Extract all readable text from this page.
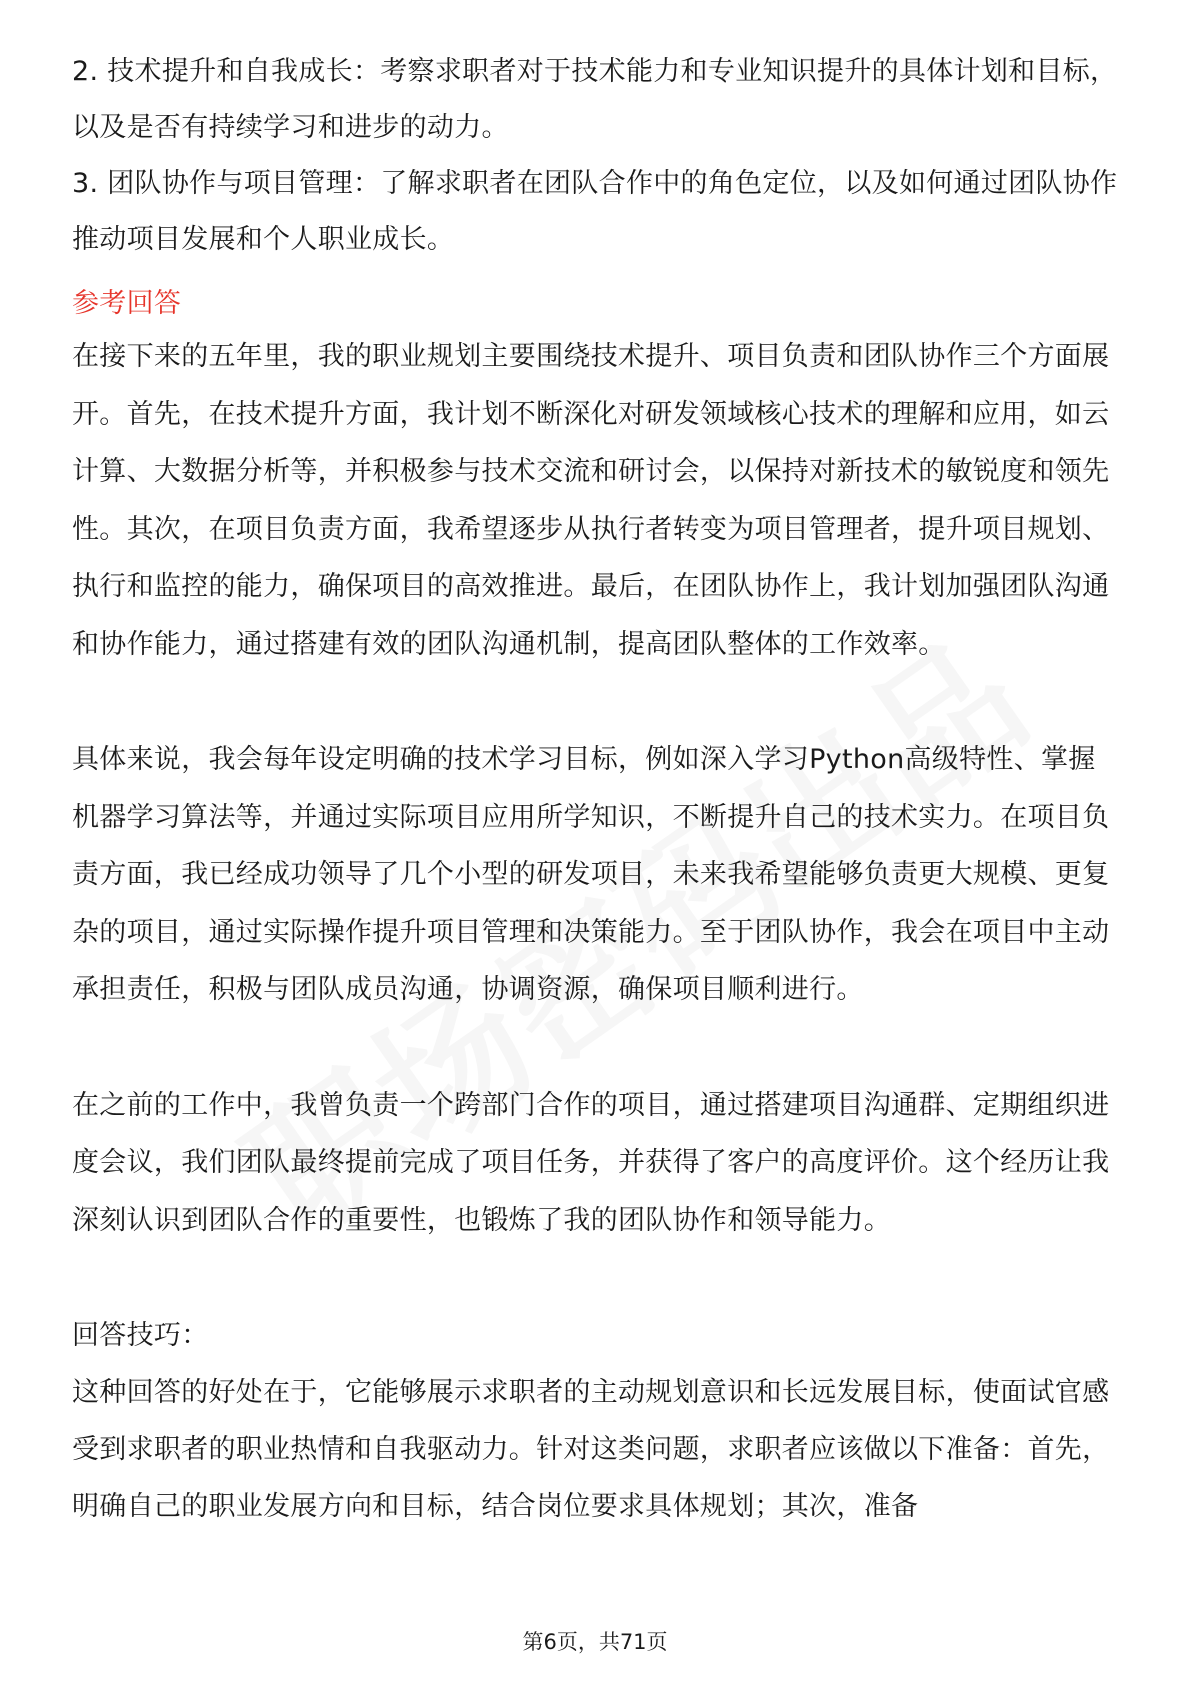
2. 技术提升和自我成长：考察求职者对于技术能力和专业知识提升的具体计划和目标，以及是否有持续学习和进步的动力。

3. 团队协作与项目管理：了解求职者在团队合作中的角色定位，以及如何通过团队协作推动项目发展和个人职业成长。

参考回答

在接下来的五年里，我的职业规划主要围绕技术提升、项目负责和团队协作三个方面展开。首先，在技术提升方面，我计划不断深化对研发领域核心技术的理解和应用，如云计算、大数据分析等，并积极参与技术交流和研讨会，以保持对新技术的敏锐度和领先性。其次，在项目负责方面，我希望逐步从执行者转变为项目管理者，提升项目规划、执行和监控的能力，确保项目的高效推进。最后，在团队协作上，我计划加强团队沟通和协作能力，通过搭建有效的团队沟通机制，提高团队整体的工作效率。

具体来说，我会每年设定明确的技术学习目标，例如深入学习Python高级特性、掌握机器学习算法等，并通过实际项目应用所学知识，不断提升自己的技术实力。在项目负责方面，我已经成功领导了几个小型的研发项目，未来我希望能够负责更大规模、更复杂的项目，通过实际操作提升项目管理和决策能力。至于团队协作，我会在项目中主动承担责任，积极与团队成员沟通，协调资源，确保项目顺利进行。

在之前的工作中，我曾负责一个跨部门合作的项目，通过搭建项目沟通群、定期组织进度会议，我们团队最终提前完成了项目任务，并获得了客户的高度评价。这个经历让我深刻认识到团队合作的重要性，也锻炼了我的团队协作和领导能力。

回答技巧：

这种回答的好处在于，它能够展示求职者的主动规划意识和长远发展目标，使面试官感受到求职者的职业热情和自我驱动力。针对这类问题，求职者应该做以下准备：首先，明确自己的职业发展方向和目标，结合岗位要求具体规划；其次，准备

第6页，共71页
